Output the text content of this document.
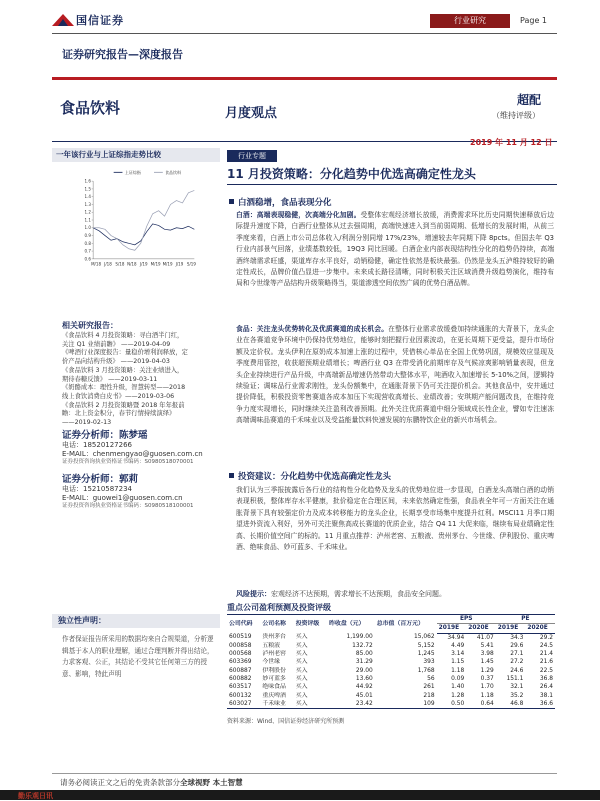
国信证券	行业研究	Page 1
证券研究报告—深度报告
食品饮料	月度观点
超配
（维持评级）
2019 年 11 月 12 日
一年该行业与上证综指走势比较
0.6
0.7
0.8
0.9
1.0
1.1
1.2
1.3
1.4
1.5
1.6
M/18 J/18 S/18 N/18 J/19 M/19 M/19 J/19 S/19
上证综指	食品饮料
相关研究报告：
《食品饮料 4 月投资策略：寻白酒半门红，
关注 Q1 业绩前瞻》 ——2019-04-09
《啤酒行业深度报告：量稳价增利润释放，定
价产品向结构升级》 ——2019-04-03
《食品饮料 3 月投资策略：关注业绩进入，
期待春糖反馈》 ——2019-03-11
《奶酪成本：理性升级，智慧转型——2018
线上食饮消费白皮书》——2019-03-06
《食品饮料 2 月投资策略暨 2018 年年报前
瞻：北上资金积分，春节行情持续演绎》
——2019-02-13
证券分析师：陈梦瑶
电话：18520127266
E-MAIL：chenmengyao@guosen.com.cn
证券投资咨询执业资格证书编码：S0980518070001
证券分析师：郭莉
电话：15210587234
E-MAIL：guowei1@guosen.com.cn
证券投资咨询执业资格证书编码：S0980518100001
独立性声明：
作者保证报告所采用的数据均来自合规渠道，分析逻辑基于本人的职业理解，通过合理判断并得出结论，力求客观、公正，其结论不受其它任何第三方的授意、影响，特此声明
行业专题
11 月投资策略：分化趋势中优选高确定性龙头
白酒稳增，食品表现分化
白酒：高端表现稳健，次高端分化加剧。受整体宏观经济增长放缓，消费需求环比历史同期快速释放后边际提升速度下降，白酒行业整体从过去强周期，高端快速进入到当前弱周期、低增长的发展时期，从前三季度来看，白酒上市公司总体收入/利润分别同增 17%/23%，增速较去年同期下降 8pcts。但国去年 Q3 行业内部景气回落，业绩基数较低，19Q3 同比回暖。白酒企业内部表现结构性分化的趋势仍持续，高端酒终端需求旺盛，渠道库存水平良好，动销稳健，确定性依然是板块最强。仍然是龙头五泸维持较好的确定性成长，品牌价值凸显进一步集中。未来成长路径清晰，同时积极关注区域消费升级趋势演化，维持布局和今世缘等产品结构升级策略得当，渠道渗透空间依然广阔的优势白酒品牌。
食品：关注龙头优势转化及优质赛道的成长机会。在整体行业需求放缓叠加持续通胀的大背景下，龙头企业在各赛道竞争环境中仍保持优势地位，能够时刻把握行业因素波动，在更长周期下更受益，提升市场份额及定价权。龙头伊利在原奶成本加速上涨的过程中，凭借核心单品在全国上优势巩固，规模效应显现及季度费用管控，收获超预期业绩增长；啤酒行业 Q3 在带受消化前期库存及气候凉爽影响销量表现，但龙头企业持续进行产品升级，中高端新品增速仍然带动大整体水平，吨酒收入加速增长 5-10%之间，逻辑持续验证；调味品行业需求刚性，龙头份额集中，在通胀背景下仍可关注提价机会。其他食品中，安井通过提价降低，积极投资零售赛道各成本加压下实现营收高增长、业绩改善；安琪期产能问题改良，在维持竞争力度实现增长，同时继续关注盈利改善预期。此外关注优质赛道中细分领域成长性企业，譬如专注速冻高端调味品赛道的千禾味业以及受益能量饮料快速发展的东鹏特饮企业的新兴市场机会。
投资建议：分化趋势中优选高确定性龙头
我们认为三季报披露后各行业的结构性分化趋势及龙头的优势地位进一步显现，白酒龙头高端白酒的动销表现积极，整体库存水平健康，批价稳定在合理区间，未来依然确定性强，食品表全年可一方面关注在通胀背景下具有较强定价力及成本转移能力的龙头企业，长期享受市场集中度提升红利。MSCI11 月季口期望进外资流入利好，另外可关注聚焦高成长赛道的优质企业，结合 Q4 11 大促来临，继续布局业绩确定性高、长期价值空间广的标的。11 月重点推荐：泸州老窖、五粮液、贵州茅台、今世缘、伊利股份、重庆啤酒、绝味食品、妙可蓝多、千禾味业。
风险提示：宏观经济不达预期，需求增长不达预期，食品安全问题。
重点公司盈利预测及投资评级
公司代码	公司名称	投资评级	昨收盘（元）	总市值（百万元）	EPS		PE	
					2019E	2020E	2019E	2020E
600519	贵州茅台	买入	1,199.00	15,062	34.94	41.07	34.3	29.2
000858	五粮液	买入	132.72	5,152	4.49	5.41	29.6	24.5
000568	泸州老窖	买入	85.00	1,245	3.14	3.98	27.1	21.4
603369	今世缘	买入	31.29	393	1.15	1.45	27.2	21.6
600887	伊利股份	买入	29.00	1,768	1.18	1.29	24.6	22.5
600882	妙可蓝多	买入	13.60	56	0.09	0.37	151.1	36.8
603517	绝味食品	买入	44.92	261	1.40	1.70	32.1	26.4
600132	重庆啤酒	买入	45.01	218	1.28	1.18	35.2	38.1
603027	千禾味业	买入	23.42	109	0.50	0.64	46.8	36.6
资料来源：Wind、国信证券经济研究所预测
请务必阅读正文之后的免责条款部分全球视野 本土智慧
勤乐观日讯
